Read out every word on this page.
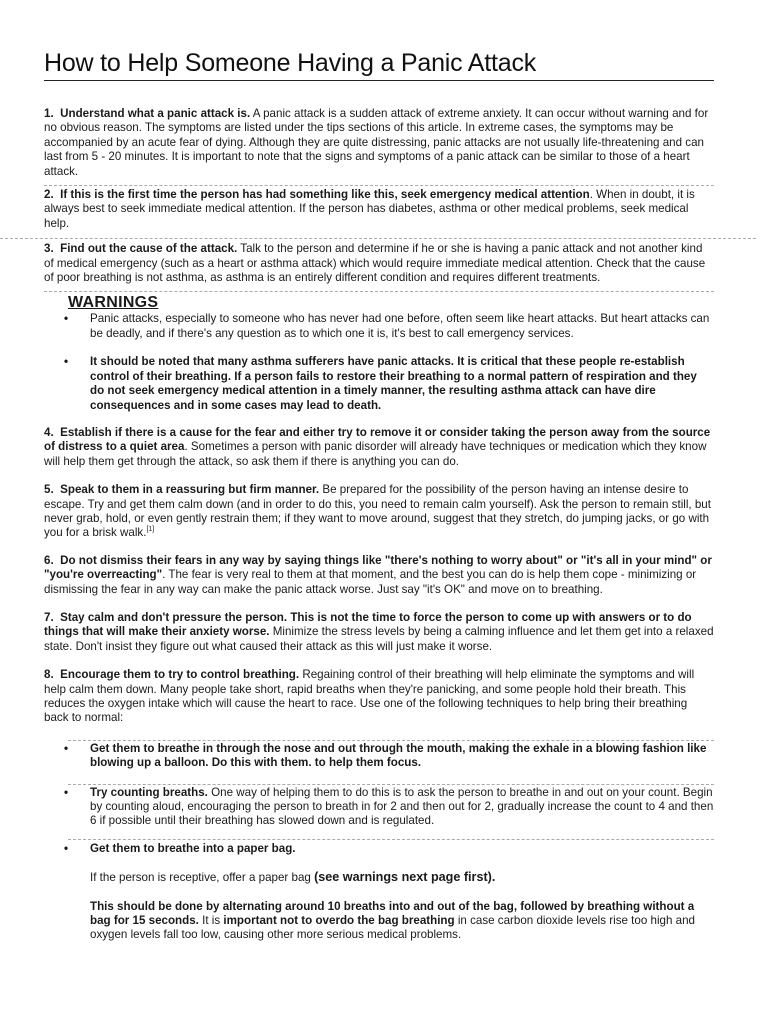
How to Help Someone Having a Panic Attack

1. Understand what a panic attack is. A panic attack is a sudden attack of extreme anxiety. It can occur without warning and for no obvious reason. The symptoms are listed under the tips sections of this article. In extreme cases, the symptoms may be accompanied by an acute fear of dying. Although they are quite distressing, panic attacks are not usually life-threatening and can last from 5 - 20 minutes. It is important to note that the signs and symptoms of a panic attack can be similar to those of a heart attack.

2. If this is the first time the person has had something like this, seek emergency medical attention. When in doubt, it is always best to seek immediate medical attention. If the person has diabetes, asthma or other medical problems, seek medical help.

3. Find out the cause of the attack. Talk to the person and determine if he or she is having a panic attack and not another kind of medical emergency (such as a heart or asthma attack) which would require immediate medical attention. Check that the cause of poor breathing is not asthma, as asthma is an entirely different condition and requires different treatments.

WARNINGS
• Panic attacks, especially to someone who has never had one before, often seem like heart attacks. But heart attacks can be deadly, and if there's any question as to which one it is, it's best to call emergency services.
• It should be noted that many asthma sufferers have panic attacks. It is critical that these people re-establish control of their breathing. If a person fails to restore their breathing to a normal pattern of respiration and they do not seek emergency medical attention in a timely manner, the resulting asthma attack can have dire consequences and in some cases may lead to death.

4. Establish if there is a cause for the fear and either try to remove it or consider taking the person away from the source of distress to a quiet area. Sometimes a person with panic disorder will already have techniques or medication which they know will help them get through the attack, so ask them if there is anything you can do.

5. Speak to them in a reassuring but firm manner. Be prepared for the possibility of the person having an intense desire to escape. Try and get them calm down (and in order to do this, you need to remain calm yourself). Ask the person to remain still, but never grab, hold, or even gently restrain them; if they want to move around, suggest that they stretch, do jumping jacks, or go with you for a brisk walk.[1]

6. Do not dismiss their fears in any way by saying things like "there's nothing to worry about" or "it's all in your mind" or "you're overreacting". The fear is very real to them at that moment, and the best you can do is help them cope - minimizing or dismissing the fear in any way can make the panic attack worse. Just say "it's OK" and move on to breathing.

7. Stay calm and don't pressure the person. This is not the time to force the person to come up with answers or to do things that will make their anxiety worse. Minimize the stress levels by being a calming influence and let them get into a relaxed state. Don't insist they figure out what caused their attack as this will just make it worse.

8. Encourage them to try to control breathing. Regaining control of their breathing will help eliminate the symptoms and will help calm them down. Many people take short, rapid breaths when they're panicking, and some people hold their breath. This reduces the oxygen intake which will cause the heart to race. Use one of the following techniques to help bring their breathing back to normal:

• Get them to breathe in through the nose and out through the mouth, making the exhale in a blowing fashion like blowing up a balloon. Do this with them. to help them focus.
• Try counting breaths. One way of helping them to do this is to ask the person to breathe in and out on your count. Begin by counting aloud, encouraging the person to breath in for 2 and then out for 2, gradually increase the count to 4 and then 6 if possible until their breathing has slowed down and is regulated.
• Get them to breathe into a paper bag.
If the person is receptive, offer a paper bag (see warnings next page first).
This should be done by alternating around 10 breaths into and out of the bag, followed by breathing without a bag for 15 seconds. It is important not to overdo the bag breathing in case carbon dioxide levels rise too high and oxygen levels fall too low, causing other more serious medical problems.
